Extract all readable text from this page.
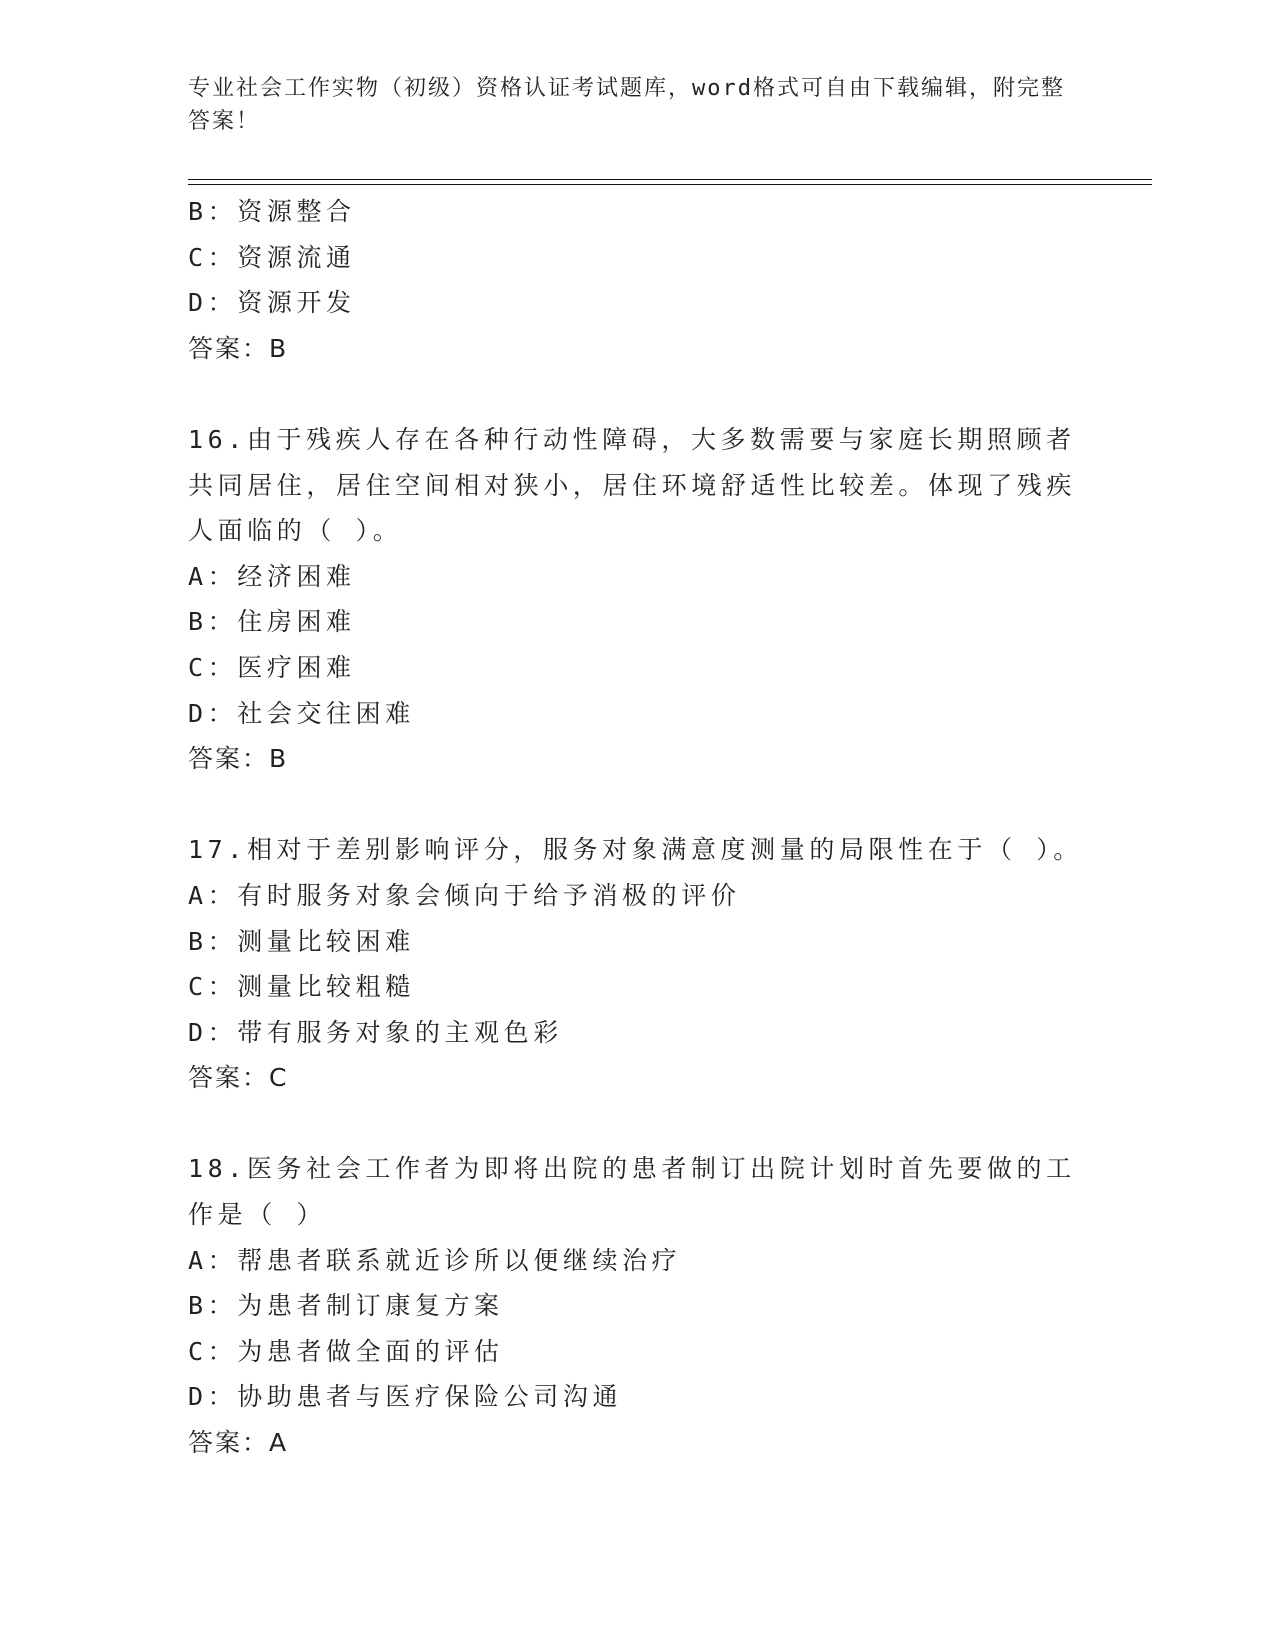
专业社会工作实物（初级）资格认证考试题库，word格式可自由下载编辑，附完整答案！
B：资源整合
C：资源流通
D：资源开发
答案：B
16.由于残疾人存在各种行动性障碍，大多数需要与家庭长期照顾者共同居住，居住空间相对狭小，居住环境舒适性比较差。体现了残疾人面临的（ ）。
A：经济困难
B：住房困难
C：医疗困难
D：社会交往困难
答案：B
17.相对于差别影响评分，服务对象满意度测量的局限性在于（ ）。
A：有时服务对象会倾向于给予消极的评价
B：测量比较困难
C：测量比较粗糙
D：带有服务对象的主观色彩
答案：C
18.医务社会工作者为即将出院的患者制订出院计划时首先要做的工作是（ ）
A：帮患者联系就近诊所以便继续治疗
B：为患者制订康复方案
C：为患者做全面的评估
D：协助患者与医疗保险公司沟通
答案：A
